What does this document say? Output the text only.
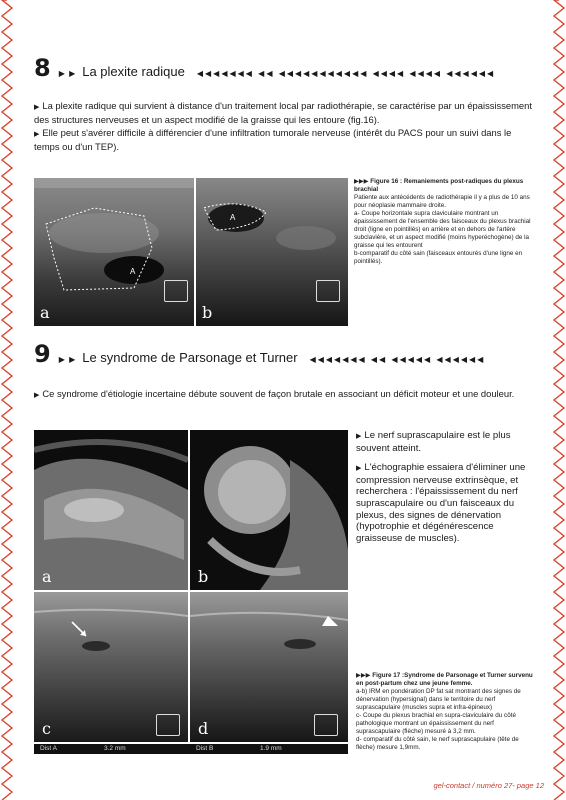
8 ▶ ▶ La plexite radique ◀◀◀◀◀◀◀ ◀◀ ◀◀◀◀◀◀◀◀◀◀◀ ◀◀◀◀ ◀◀◀◀ ◀◀◀◀◀◀

▶ La plexite radique qui survient à distance d'un traitement local par radiothérapie, se caractérise par un épaississement des structures nerveuses et un aspect modifié de la graisse qui les entoure (fig.16).

▶ Elle peut s'avérer difficile à différencier d'une infiltration tumorale nerveuse (intérêt du PACS pour un suivi dans le temps ou d'un TEP).

A
a
A
b
▶▶▶ Figure 16 : Remaniements post-radiques du plexus brachial
Patiente aux antécédents de radiothérapie il y a plus de 10 ans pour néoplasie mammaire droite.
a- Coupe horizontale supra claviculaire montrant un épaississement de l'ensemble des faisceaux du plexus brachial droit (ligne en pointillés) en arrière et en dehors de l'artère subclavière, et un aspect modifié (moins hyperéchogène) de la graisse qui les entourent
b-comparatif du côté sain (faisceaux entourés d'une ligne en pointillés).
9 ▶ ▶ Le syndrome de Parsonage et Turner ◀◀◀◀◀◀◀ ◀◀ ◀◀◀◀◀ ◀◀◀◀◀◀

▶ Ce syndrome d'étiologie incertaine débute souvent de façon brutale en associant un déficit moteur et une douleur.

a	b
c	d
Dist A	3.2 mm	Dist B	1.9 mm

▶ Le nerf suprascapulaire est le plus souvent atteint.

▶ L'échographie essaiera d'éliminer une compression nerveuse extrinsèque, et recherchera : l'épaississement du nerf suprascapulaire ou d'un faisceaux du plexus, des signes de dénervation (hypotrophie et dégénérescence graisseuse de muscles).

▶▶▶ Figure 17 :Syndrome de Parsonage et Turner survenu en post-partum chez une jeune femme.
a-b) IRM en pondération DP fat sat montrant des signes de dénervation (hypersignal) dans le territoire du nerf suprascapulaire (muscles supra et infra-épineux)
c- Coupe du plexus brachial en supra-claviculaire du côté pathologique montrant un épaississement du nerf suprascapulaire (flèche) mesuré à 3,2 mm.
d- comparatif du côté sain, le nerf suprascapulaire (tête de flèche) mesure 1,9mm.
gel-contact / numéro 27- page 12
